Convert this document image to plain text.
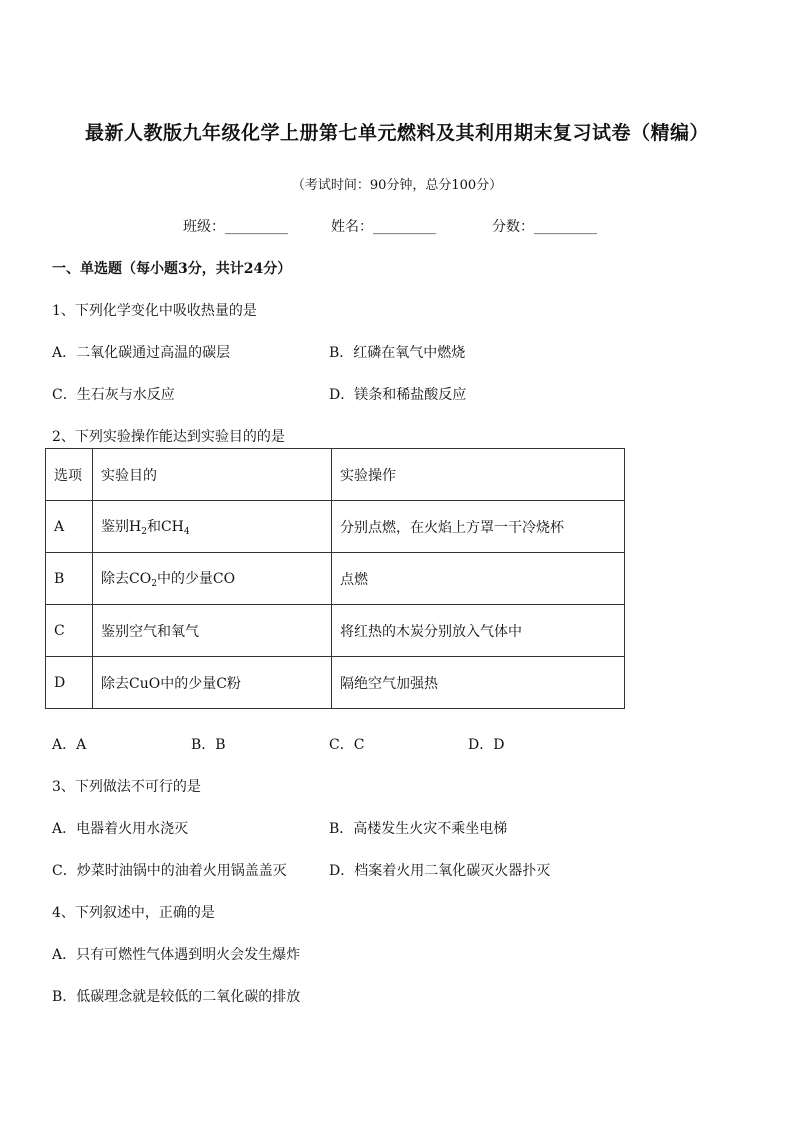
最新人教版九年级化学上册第七单元燃料及其利用期末复习试卷（精编）
（考试时间：90分钟，总分100分）
班级：_________	姓名：_________	分数：_________
一、单选题（每小题3分，共计24分）
1、下列化学变化中吸收热量的是
A．二氧化碳通过高温的碳层	B．红磷在氧气中燃烧
C．生石灰与水反应	D．镁条和稀盐酸反应
2、下列实验操作能达到实验目的的是
选项	实验目的	实验操作
A	鉴别$H_2$和$CH_4$	分别点燃，在火焰上方罩一干冷烧杯
B	除去$CO_2$中的少量CO	点燃
C	鉴别空气和氧气	将红热的木炭分别放入气体中
D	除去CuO中的少量C粉	隔绝空气加强热
A．A	B．B	C．C	D．D
3、下列做法不可行的是
A．电器着火用水浇灭	B．高楼发生火灾不乘坐电梯
C．炒菜时油锅中的油着火用锅盖盖灭	D．档案着火用二氧化碳灭火器扑灭
4、下列叙述中，正确的是
A．只有可燃性气体遇到明火会发生爆炸
B．低碳理念就是较低的二氧化碳的排放
